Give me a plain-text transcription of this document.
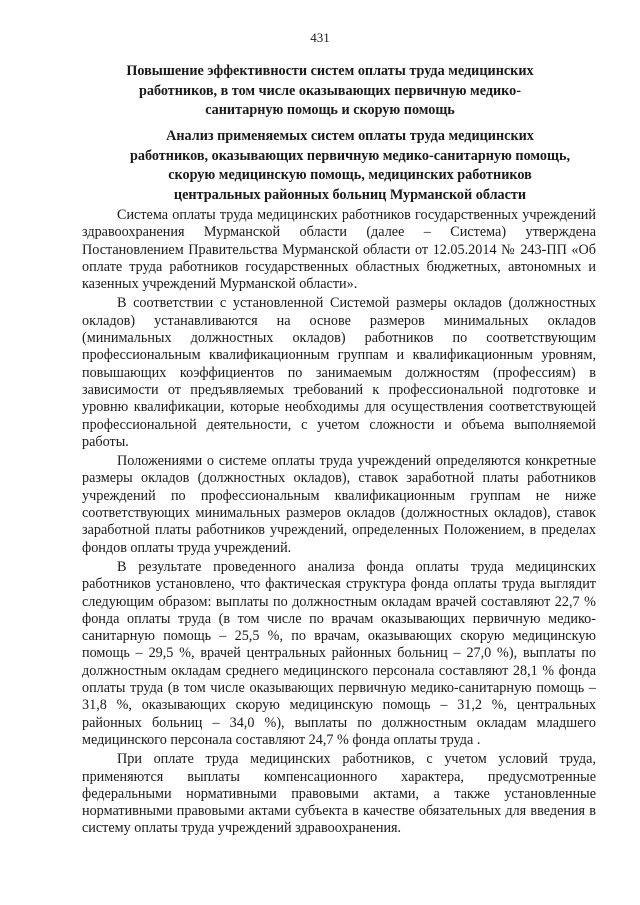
431
Повышение эффективности систем оплаты труда медицинских работников, в том числе оказывающих первичную медико-санитарную помощь и скорую помощь
Анализ применяемых систем оплаты труда медицинских работников, оказывающих первичную медико-санитарную помощь, скорую медицинскую помощь, медицинских работников центральных районных больниц Мурманской области

Система оплаты труда медицинских работников государственных учреждений здравоохранения Мурманской области (далее – Система) утверждена Постановлением Правительства Мурманской области от 12.05.2014 № 243-ПП «Об оплате труда работников государственных областных бюджетных, автономных и казенных учреждений Мурманской области».

В соответствии с установленной Системой размеры окладов (должностных окладов) устанавливаются на основе размеров минимальных окладов (минимальных должностных окладов) работников по соответствующим профессиональным квалификационным группам и квалификационным уровням, повышающих коэффициентов по занимаемым должностям (профессиям) в зависимости от предъявляемых требований к профессиональной подготовке и уровню квалификации, которые необходимы для осуществления соответствующей профессиональной деятельности, с учетом сложности и объема выполняемой работы.

Положениями о системе оплаты труда учреждений определяются конкретные размеры окладов (должностных окладов), ставок заработной платы работников учреждений по профессиональным квалификационным группам не ниже соответствующих минимальных размеров окладов (должностных окладов), ставок заработной платы работников учреждений, определенных Положением, в пределах фондов оплаты труда учреждений.

В результате проведенного анализа фонда оплаты труда медицинских работников установлено, что фактическая структура фонда оплаты труда выглядит следующим образом: выплаты по должностным окладам врачей составляют 22,7 % фонда оплаты труда (в том числе по врачам оказывающих первичную медико-санитарную помощь – 25,5 %, по врачам, оказывающих скорую медицинскую помощь – 29,5 %, врачей центральных районных больниц – 27,0 %), выплаты по должностным окладам среднего медицинского персонала составляют 28,1 % фонда оплаты труда (в том числе оказывающих первичную медико-санитарную помощь – 31,8 %, оказывающих скорую медицинскую помощь – 31,2 %, центральных районных больниц – 34,0 %), выплаты по должностным окладам младшего медицинского персонала составляют 24,7 % фонда оплаты труда .

При оплате труда медицинских работников, с учетом условий труда, применяются выплаты компенсационного характера, предусмотренные федеральными нормативными правовыми актами, а также установленные нормативными правовыми актами субъекта в качестве обязательных для введения в систему оплаты труда учреждений здравоохранения.
